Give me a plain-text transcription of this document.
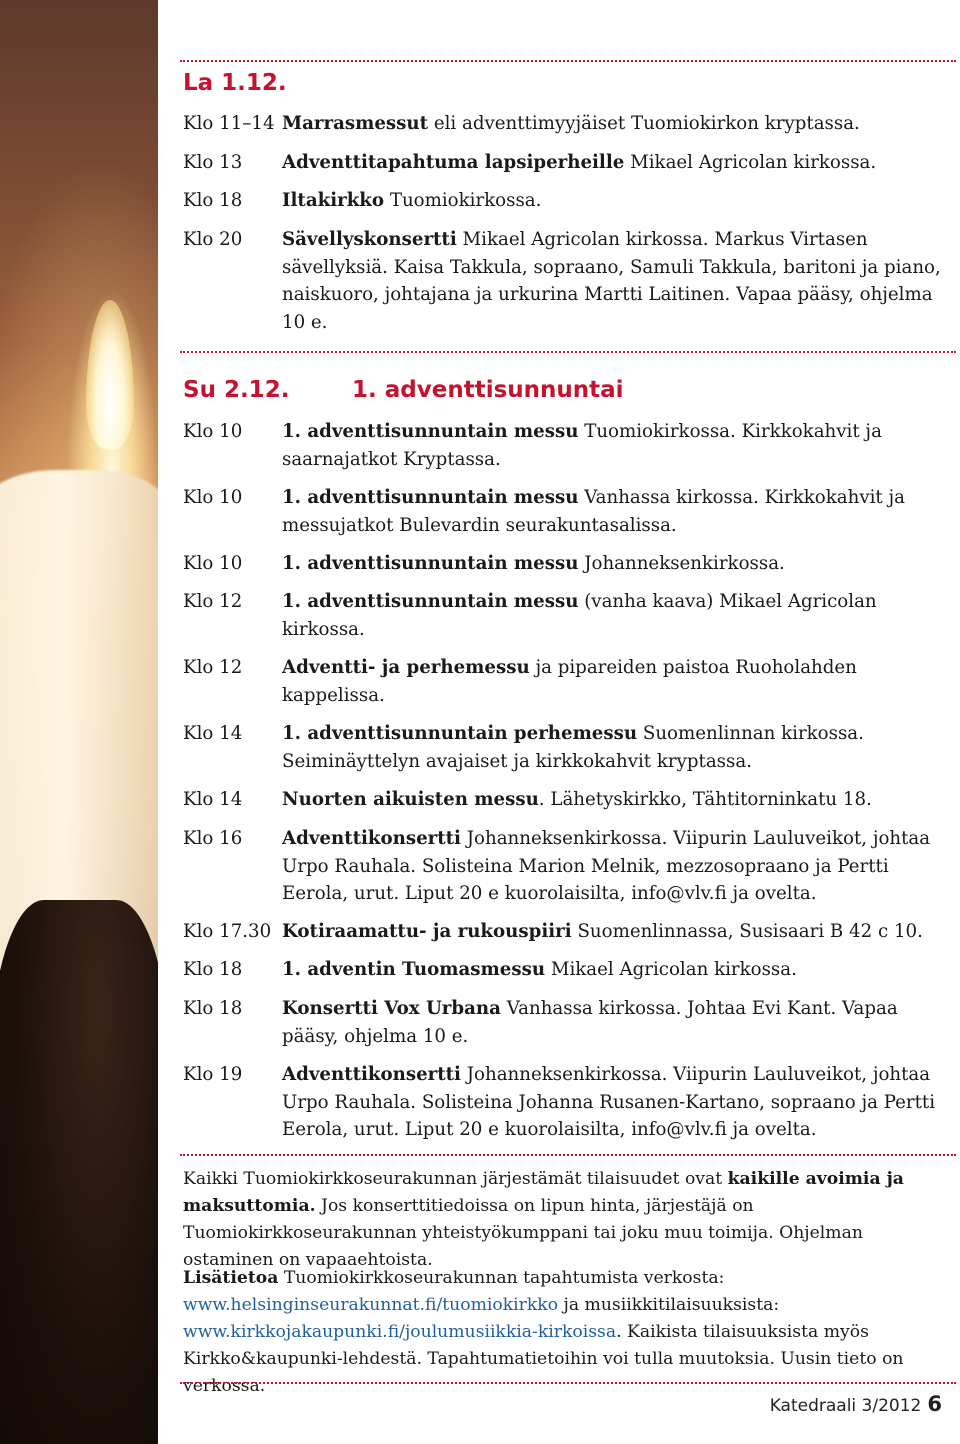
La 1.12.
Klo 11–14 Marrasmessut eli adventtimyyjäiset Tuomiokirkon kryptassa.
Klo 13 Adventtitapahtuma lapsiperheille Mikael Agricolan kirkossa.
Klo 18 Iltakirkko Tuomiokirkossa.
Klo 20 Sävellyskonsertti Mikael Agricolan kirkossa. Markus Virtasen sävellyksiä. Kaisa Takkula, sopraano, Samuli Takkula, baritoni ja piano, naiskuoro, johtajana ja urkurina Martti Laitinen. Vapaa pääsy, ohjelma 10 e.
Su 2.12.	1. adventtisunnuntai
Klo 10 1. adventtisunnuntain messu Tuomiokirkossa. Kirkkokahvit ja saarnajatkot Kryptassa.
Klo 10 1. adventtisunnuntain messu Vanhassa kirkossa. Kirkkokahvit ja messujatkot Bulevardin seurakuntasalissa.
Klo 10 1. adventtisunnuntain messu Johanneksenkirkossa.
Klo 12 1. adventtisunnuntain messu (vanha kaava) Mikael Agricolan kirkossa.
Klo 12 Adventti- ja perhemessu ja pipareiden paistoa Ruoholahden kappelissa.
Klo 14 1. adventtisunnuntain perhemessu Suomenlinnan kirkossa. Seiminäyttelyn avajaiset ja kirkkokahvit kryptassa.
Klo 14 Nuorten aikuisten messu. Lähetyskirkko, Tähtitorninkatu 18.
Klo 16 Adventtikonsertti Johanneksenkirkossa. Viipurin Lauluveikot, johtaa Urpo Rauhala. Solisteina Marion Melnik, mezzosopraano ja Pertti Eerola, urut. Liput 20 e kuorolaisilta, info@vlv.fi ja ovelta.
Klo 17.30 Kotiraamattu- ja rukouspiiri Suomenlinnassa, Susisaari B 42 c 10.
Klo 18 1. adventin Tuomasmessu Mikael Agricolan kirkossa.
Klo 18 Konsertti Vox Urbana Vanhassa kirkossa. Johtaa Evi Kant. Vapaa pääsy, ohjelma 10 e.
Klo 19 Adventtikonsertti Johanneksenkirkossa. Viipurin Lauluveikot, johtaa Urpo Rauhala. Solisteina Johanna Rusanen-Kartano, sopraano ja Pertti Eerola, urut. Liput 20 e kuorolaisilta, info@vlv.fi ja ovelta.
Kaikki Tuomiokirkkoseurakunnan järjestämät tilaisuudet ovat kaikille avoimia ja maksuttomia. Jos konserttitiedoissa on lipun hinta, järjestäjä on Tuomiokirkkoseurakunnan yhteistyökumppani tai joku muu toimija. Ohjelman ostaminen on vapaaehtoista.
Lisätietoa Tuomiokirkkoseurakunnan tapahtumista verkosta: www.helsinginseurakunnat.fi/tuomiokirkko ja musiikkitilaisuuksista: www.kirkkojakaupunki.fi/joulumusiikkia-kirkoissa. Kaikista tilaisuuksista myös Kirkko&kaupunki-lehdestä. Tapahtumatietoihin voi tulla muutoksia. Uusin tieto on verkossa.
Katedraali 3/2012 6
